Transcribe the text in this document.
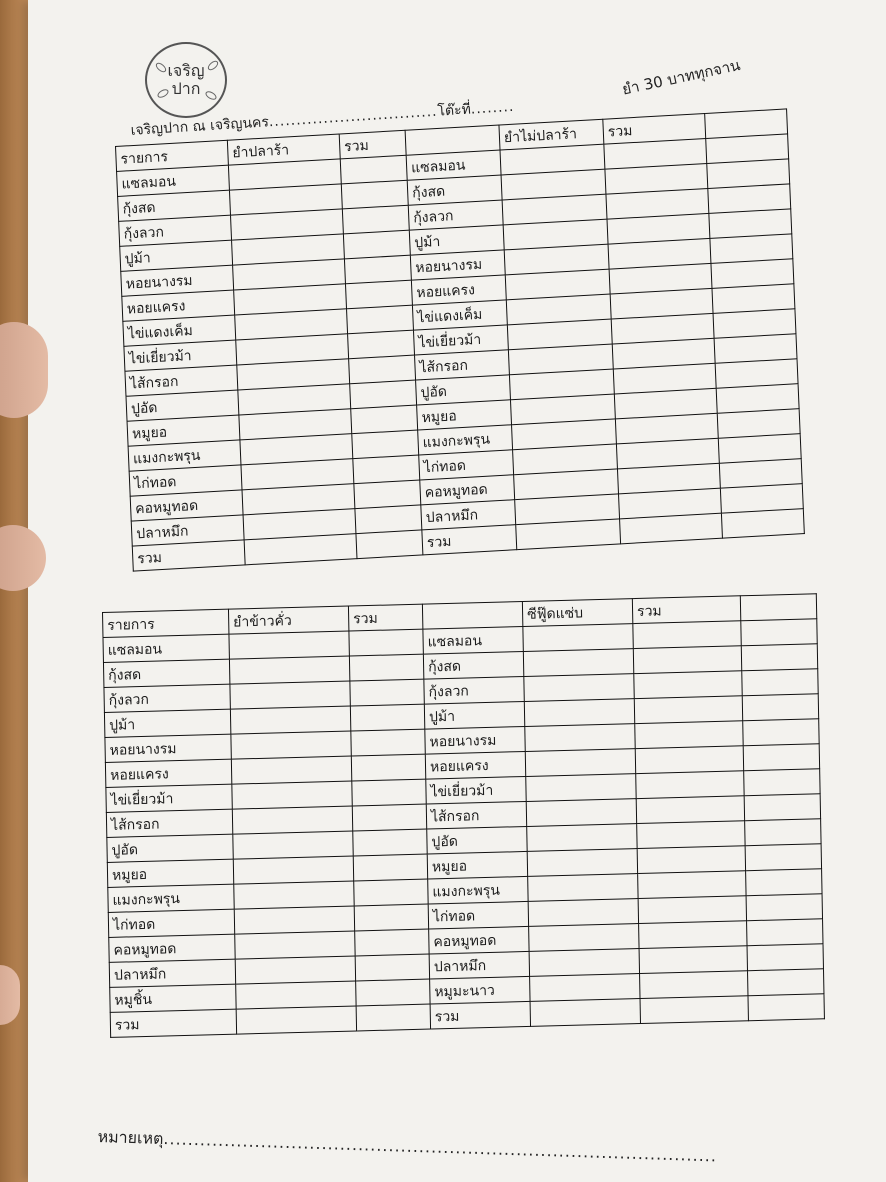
เจริญ
ปาก
เจริญปาก ณ เจริญนคร...............................โต๊ะที่........
ยำ 30 บาททุกจาน
รายการ	ยำปลาร้า	รวม		ยำไม่ปลาร้า	รวม	
แซลมอน			แซลมอน			
กุ้งสด			กุ้งสด			
กุ้งลวก			กุ้งลวก			
ปูม้า			ปูม้า			
หอยนางรม			หอยนางรม			
หอยแครง			หอยแครง			
ไข่แดงเค็ม			ไข่แดงเค็ม			
ไข่เยี่ยวม้า			ไข่เยี่ยวม้า			
ไส้กรอก			ไส้กรอก			
ปูอัด			ปูอัด			
หมูยอ			หมูยอ			
แมงกะพรุน			แมงกะพรุน			
ไก่ทอด			ไก่ทอด			
คอหมูทอด			คอหมูทอด			
ปลาหมึก			ปลาหมึก			
รวม			รวม			
รายการ	ยำข้าวคั่ว	รวม		ซีฟู๊ดแซ่บ	รวม	
แซลมอน			แซลมอน			
กุ้งสด			กุ้งสด			
กุ้งลวก			กุ้งลวก			
ปูม้า			ปูม้า			
หอยนางรม			หอยนางรม			
หอยแครง			หอยแครง			
ไข่เยี่ยวม้า			ไข่เยี่ยวม้า			
ไส้กรอก			ไส้กรอก			
ปูอัด			ปูอัด			
หมูยอ			หมูยอ			
แมงกะพรุน			แมงกะพรุน			
ไก่ทอด			ไก่ทอด			
คอหมูทอด			คอหมูทอด			
ปลาหมึก			ปลาหมึก			
หมูชิ้น			หมูมะนาว			
รวม			รวม			
หมายเหตุ...........................................................................................
